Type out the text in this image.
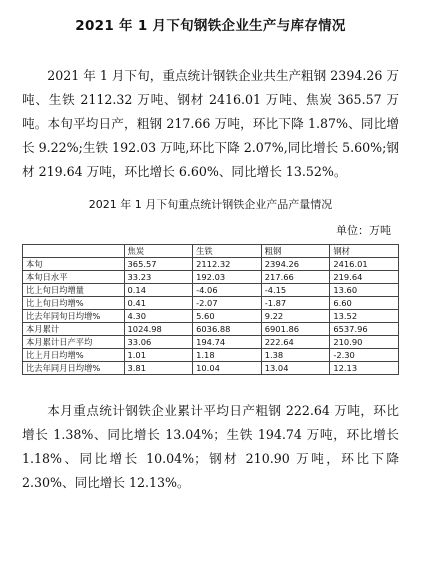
2021 年 1 月下旬钢铁企业生产与库存情况

2021 年 1 月下旬，重点统计钢铁企业共生产粗钢 2394.26 万吨、生铁 2112.32 万吨、钢材 2416.01 万吨、焦炭 365.57 万吨。本旬平均日产，粗钢 217.66 万吨，环比下降 1.87%、同比增长 9.22%;生铁 192.03 万吨,环比下降 2.07%,同比增长 5.60%;钢材 219.64 万吨，环比增长 6.60%、同比增长 13.52%。

2021 年 1 月下旬重点统计钢铁企业产品产量情况
单位：万吨
	焦炭	生铁	粗钢	钢材
本旬	365.57	2112.32	2394.26	2416.01
本旬日水平	33.23	192.03	217.66	219.64
比上旬日均增量	0.14	-4.06	-4.15	13.60
比上旬日均增%	0.41	-2.07	-1.87	6.60
比去年同旬日均增%	4.30	5.60	9.22	13.52
本月累计	1024.98	6036.88	6901.86	6537.96
本月累计日产平均	33.06	194.74	222.64	210.90
比上月日均增%	1.01	1.18	1.38	-2.30
比去年同月日均增%	3.81	10.04	13.04	12.13

本月重点统计钢铁企业累计平均日产粗钢 222.64 万吨，环比增长 1.38%、同比增长 13.04%；生铁 194.74 万吨，环比增长 1.18%、同比增长 10.04%；钢材 210.90 万吨，环比下降 2.30%、同比增长 12.13%。
